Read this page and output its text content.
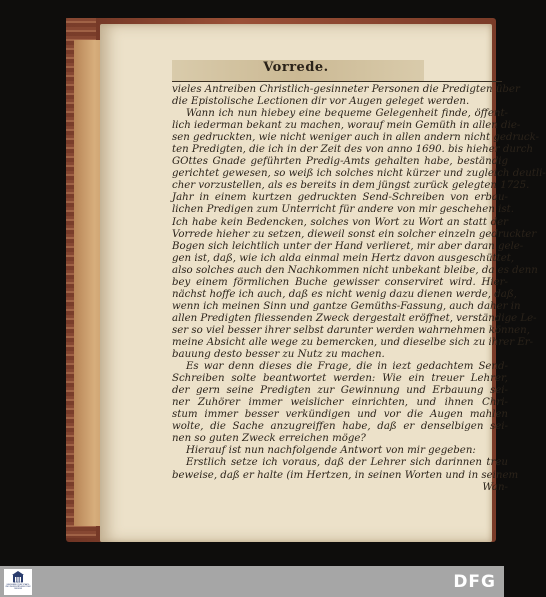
Vorrede.
vieles Antreiben Christlich-gesinneter Personen die Predigten über
die Epistolische Lectionen dir vor Augen geleget werden.
Wann ich nun hiebey eine bequeme Gelegenheit finde, öffent-
lich iederman bekant zu machen, worauf mein Gemüth in allen die-
sen gedruckten, wie nicht weniger auch in allen andern nicht gedruck-
ten Predigten, die ich in der Zeit des von anno 1690. bis hieher durch
GOttes Gnade geführten Predig-Amts gehalten habe, beständig
gerichtet gewesen, so weiß ich solches nicht kürzer und zugleich deutli-
cher vorzustellen, als es bereits in dem jüngst zurück gelegten 1725.
Jahr in einem kurtzen gedruckten Send-Schreiben von erbau-
lichen Predigen zum Unterricht für andere von mir geschehen ist.
Ich habe kein Bedencken, solches von Wort zu Wort an statt der
Vorrede hieher zu setzen, dieweil sonst ein solcher einzeln gedruckter
Bogen sich leichtlich unter der Hand verlieret, mir aber daran gele-
gen ist, daß, wie ich alda einmal mein Hertz davon ausgeschüttet,
also solches auch den Nachkommen nicht unbekant bleibe, da es denn
bey einem förmlichen Buche gewisser conserviret wird. Hier-
nächst hoffe ich auch, daß es nicht wenig dazu dienen werde, daß,
wenn ich meinen Sinn und gantze Gemüths-Fassung, auch daher in
allen Predigten fliessenden Zweck dergestalt eröffnet, verständige Le-
ser so viel besser ihrer selbst darunter werden wahrnehmen können,
meine Absicht alle wege zu bemercken, und dieselbe sich zu ihrer Er-
bauung desto besser zu Nutz zu machen.
Es war denn dieses die Frage, die in iezt gedachtem Send-
Schreiben solte beantwortet werden: Wie ein treuer Lehrer,
der gern seine Predigten zur Gewinnung und Erbauung sei-
ner Zuhörer immer weislicher einrichten, und ihnen Chri-
stum immer besser verkündigen und vor die Augen mahlen
wolte, die Sache anzugreiffen habe, daß er denselbigen sei-
nen so guten Zweck erreichen möge?
Hierauf ist nun nachfolgende Antwort von mir gegeben:
Erstlich setze ich voraus, daß der Lehrer sich darinnen treu
beweise, daß er halte (im Hertzen, in seinen Worten und in seinem
Wan-
SÄCHSISCHE LANDESBIBLIOTHEK STAATS- UND UNIVERSITÄTS-BIBLIOTHEK DRESDEN	DFG
